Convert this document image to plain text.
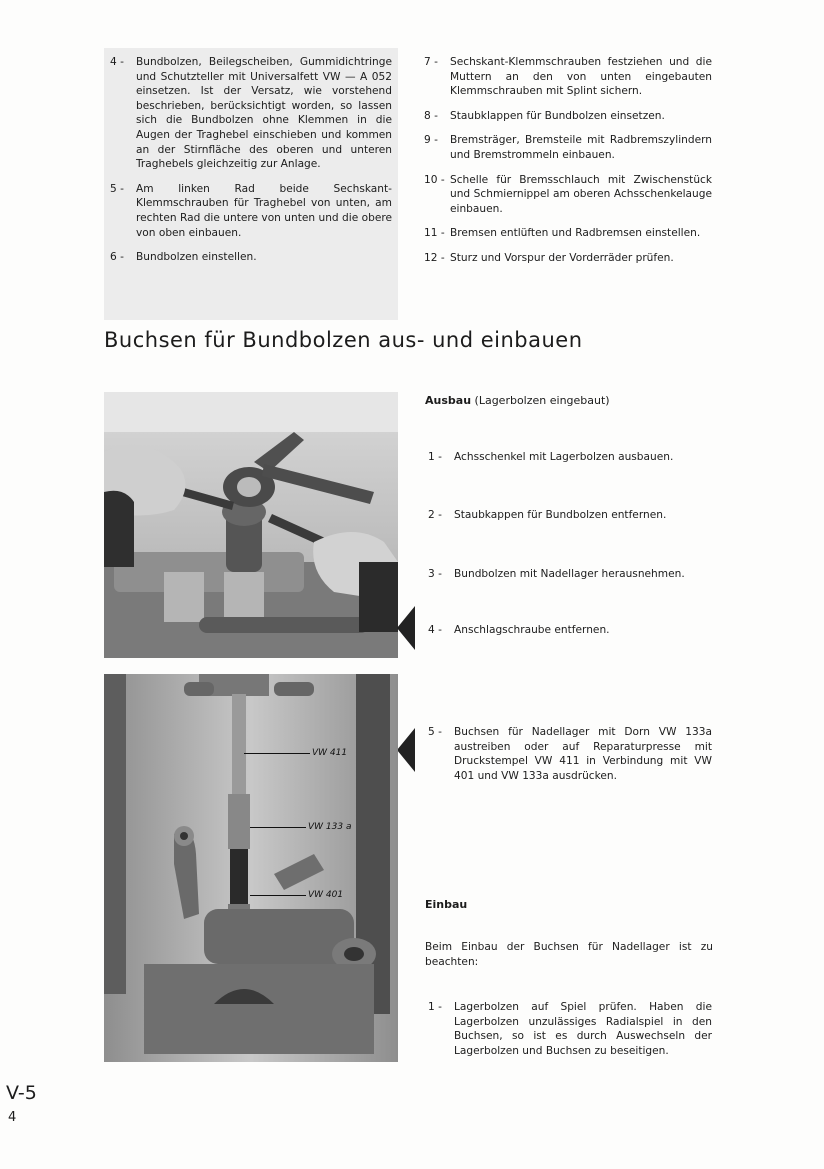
4 -	Bundbolzen, Beilegscheiben, Gummidichtringe und Schutzteller mit Universalfett VW — A 052 einsetzen. Ist der Versatz, wie vorstehend beschrieben, berücksichtigt worden, so lassen sich die Bundbolzen ohne Klemmen in die Augen der Traghebel einschieben und kommen an der Stirnfläche des oberen und unteren Traghebels gleichzeitig zur Anlage.
5 -	Am linken Rad beide Sechskant-Klemmschrauben für Traghebel von unten, am rechten Rad die untere von unten und die obere von oben einbauen.
6 -	Bundbolzen einstellen.
7 -	Sechskant-Klemmschrauben festziehen und die Muttern an den von unten eingebauten Klemmschrauben mit Splint sichern.
8 -	Staubklappen für Bundbolzen einsetzen.
9 -	Bremsträger, Bremsteile mit Radbremszylindern und Bremstrommeln einbauen.
10 - Schelle für Bremsschlauch mit Zwischenstück und Schmiernippel am oberen Achsschenkelauge einbauen.
11 - Bremsen entlüften und Radbremsen einstellen.
12 - Sturz und Vorspur der Vorderräder prüfen.
Buchsen für Bundbolzen aus- und einbauen
VW 411
VW 133 a
VW 401
Ausbau (Lagerbolzen eingebaut)
1 -	Achsschenkel mit Lagerbolzen ausbauen.
2 -	Staubkappen für Bundbolzen entfernen.
3 -	Bundbolzen mit Nadellager herausnehmen.
4 -	Anschlagschraube entfernen.
5 -	Buchsen für Nadellager mit Dorn VW 133a austreiben oder auf Reparaturpresse mit Druckstempel VW 411 in Verbindung mit VW 401 und VW 133a ausdrücken.
Einbau
Beim Einbau der Buchsen für Nadellager ist zu beachten:
1 -	Lagerbolzen auf Spiel prüfen. Haben die Lagerbolzen unzulässiges Radialspiel in den Buchsen, so ist es durch Auswechseln der Lagerbolzen und Buchsen zu beseitigen.
V-5
4
